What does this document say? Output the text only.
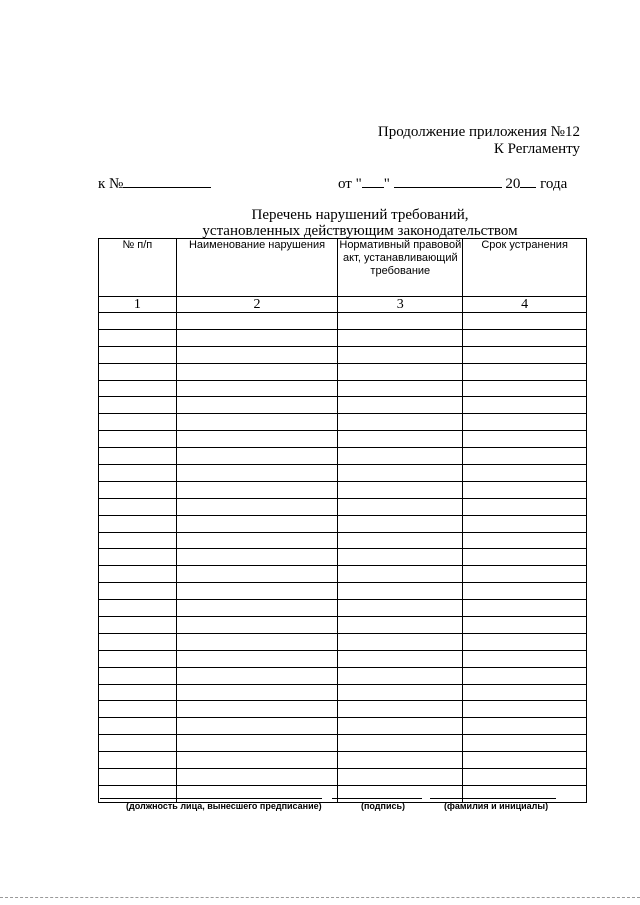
Продолжение приложения №12
К Регламенту
к №	от " "	20 года
Перечень нарушений требований,
установленных действующим законодательством
№ п/п	Наименование нарушения	Нормативный правовой акт, устанавливающий требование	Срок устранения
1	2	3	4

(должность лица, вынесшего предписание)	(подпись)	(фамилия и инициалы)
